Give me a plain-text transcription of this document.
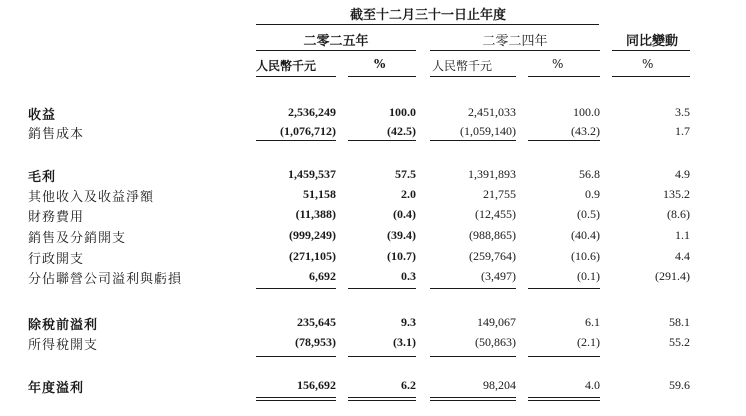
截至十二月三十一日止年度
二零二五年	二零二四年	同比變動
人民幣千元	%	人民幣千元	%	%
收益	2,536,249	100.0	2,451,033	100.0	3.5
銷售成本	(1,076,712)	(42.5)	(1,059,140)	(43.2)	1.7
毛利	1,459,537	57.5	1,391,893	56.8	4.9
其他收入及收益淨額	51,158	2.0	21,755	0.9	135.2
財務費用	(11,388)	(0.4)	(12,455)	(0.5)	(8.6)
銷售及分銷開支	(999,249)	(39.4)	(988,865)	(40.4)	1.1
行政開支	(271,105)	(10.7)	(259,764)	(10.6)	4.4
分佔聯營公司溢利與虧損	6,692	0.3	(3,497)	(0.1)	(291.4)
除稅前溢利	235,645	9.3	149,067	6.1	58.1
所得稅開支	(78,953)	(3.1)	(50,863)	(2.1)	55.2
年度溢利	156,692	6.2	98,204	4.0	59.6
